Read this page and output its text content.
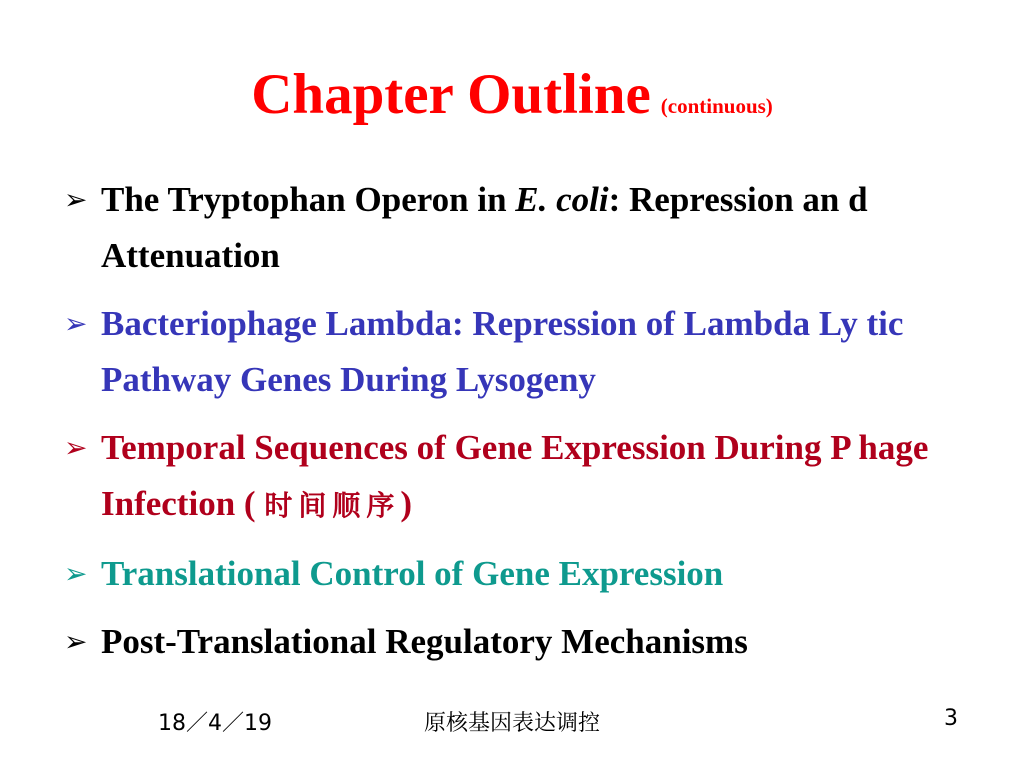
Chapter Outline (continuous)
➢ The Tryptophan Operon in E. coli: Repression an d Attenuation
➢ Bacteriophage Lambda: Repression of Lambda Ly tic Pathway Genes During Lysogeny
➢ Temporal Sequences of Gene Expression During P hage Infection ( 时间顺序)
➢ Translational Control of Gene Expression
➢ Post-Translational Regulatory Mechanisms
18／4／19	原核基因表达调控	3
